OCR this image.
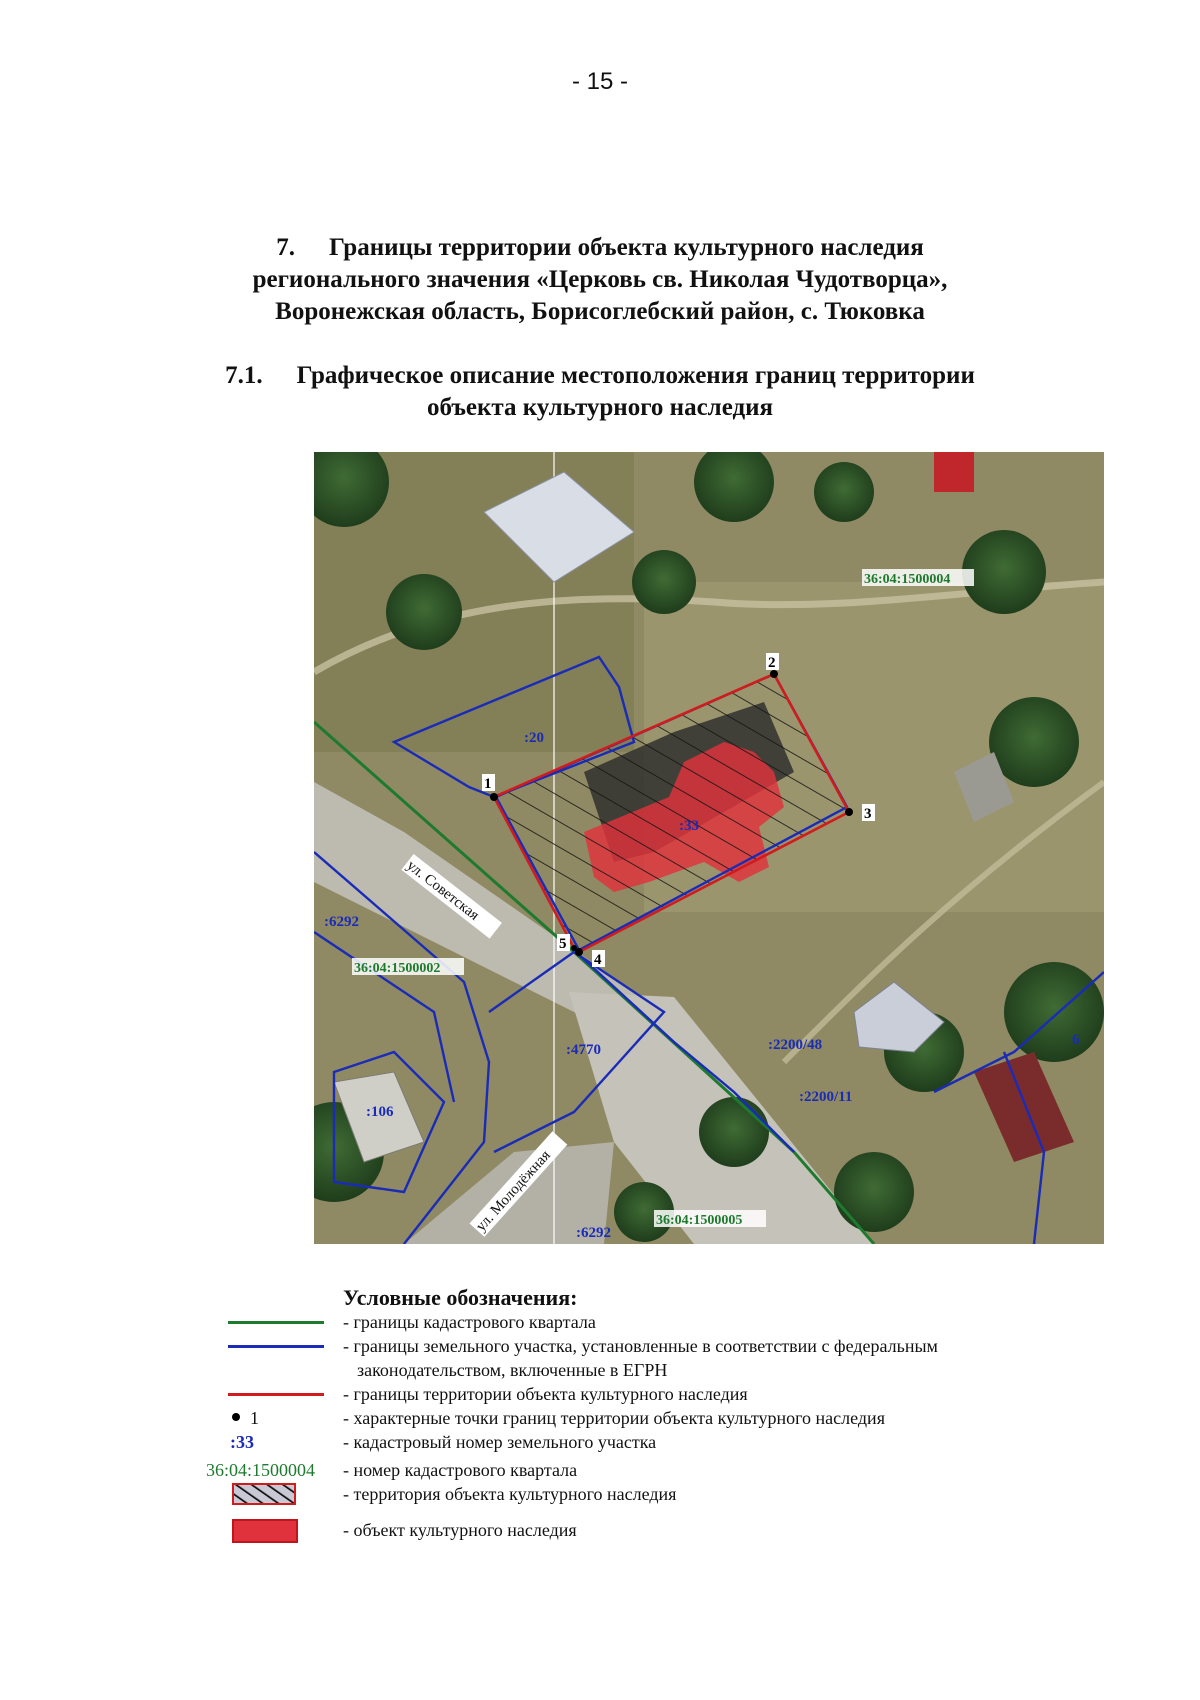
- 15 -
7. Границы территории объекта культурного наследия
регионального значения «Церковь св. Николая Чудотворца»,
Воронежская область, Борисоглебский район, с. Тюковка
7.1. Графическое описание местоположения границ территории
объекта культурного наследия
1
2
3
4
5
:20
:33
:6292
:4770
:106
:2200/48
:2200/11
:6292
6
36:04:1500004
36:04:1500002
36:04:1500005
ул. Советская
ул. Молодёжная
Условные обозначения:
- границы кадастрового квартала
- границы земельного участка, установленные в соответствии с федеральным
законодательством, включенные в ЕГРН
- границы территории объекта культурного наследия
1	- характерные точки границ территории объекта культурного наследия
:33	- кадастровый номер земельного участка
36:04:1500004 - номер кадастрового квартала
- территория объекта культурного наследия
- объект культурного наследия
